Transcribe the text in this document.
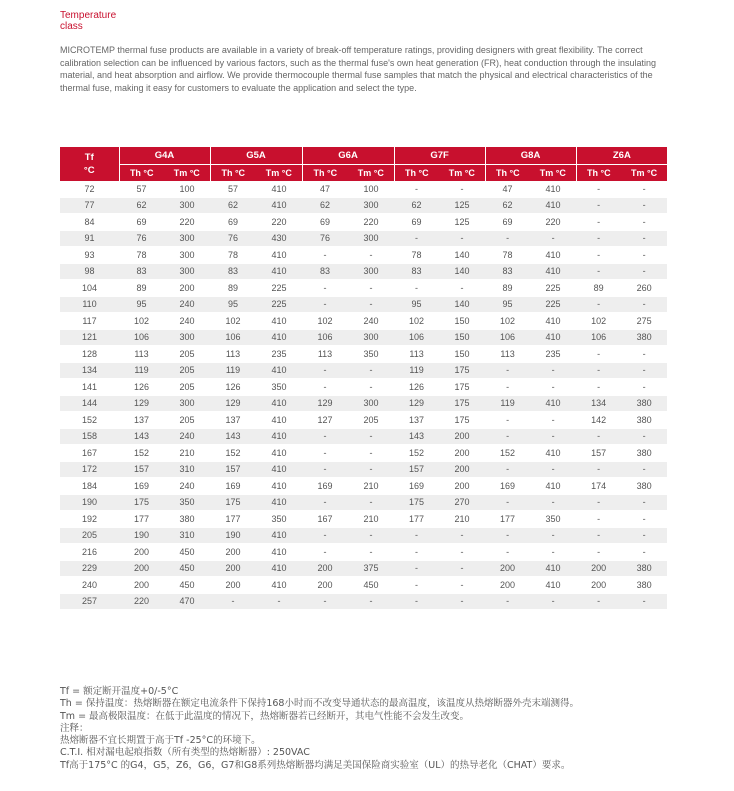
Temperature
class
MICROTEMP thermal fuse products are available in a variety of break-off temperature ratings, providing designers with great flexibility. The correct calibration selection can be influenced by various factors, such as the thermal fuse's own heat generation (FR), heat conduction through the insulating material, and heat absorption and airflow. We provide thermocouple thermal fuse samples that match the physical and electrical characteristics of the thermal fuse, making it easy for customers to evaluate the application and select the type.
Tf
°C	G4A		G5A		G6A		G7F		G8A		Z6A	
	Th °C	Tm °C	Th °C	Tm °C	Th °C	Tm °C	Th °C	Tm °C	Th °C	Tm °C	Th °C	Tm °C
72	57	100	57	410	47	100	-	-	47	410	-	-
77	62	300	62	410	62	300	62	125	62	410	-	-
84	69	220	69	220	69	220	69	125	69	220	-	-
91	76	300	76	430	76	300	-	-	-	-	-	-
93	78	300	78	410	-	-	78	140	78	410	-	-
98	83	300	83	410	83	300	83	140	83	410	-	-
104	89	200	89	225	-	-	-	-	89	225	89	260
110	95	240	95	225	-	-	95	140	95	225	-	-
117	102	240	102	410	102	240	102	150	102	410	102	275
121	106	300	106	410	106	300	106	150	106	410	106	380
128	113	205	113	235	113	350	113	150	113	235	-	-
134	119	205	119	410	-	-	119	175	-	-	-	-
141	126	205	126	350	-	-	126	175	-	-	-	-
144	129	300	129	410	129	300	129	175	119	410	134	380
152	137	205	137	410	127	205	137	175	-	-	142	380
158	143	240	143	410	-	-	143	200	-	-	-	-
167	152	210	152	410	-	-	152	200	152	410	157	380
172	157	310	157	410	-	-	157	200	-	-	-	-
184	169	240	169	410	169	210	169	200	169	410	174	380
190	175	350	175	410	-	-	175	270	-	-	-	-
192	177	380	177	350	167	210	177	210	177	350	-	-
205	190	310	190	410	-	-	-	-	-	-	-	-
216	200	450	200	410	-	-	-	-	-	-	-	-
229	200	450	200	410	200	375	-	-	200	410	200	380
240	200	450	200	410	200	450	-	-	200	410	200	380
257	220	470	-	-	-	-	-	-	-	-	-	-
Tf = 额定断开温度+0/-5°C
Th = 保持温度：热熔断器在额定电流条件下保持168小时而不改变导通状态的最高温度，该温度从热熔断器外壳末端测得。
Tm = 最高极限温度：在低于此温度的情况下，热熔断器若已经断开，其电气性能不会发生改变。
注释：
热熔断器不宜长期置于高于Tf -25°C的环境下。
C.T.I. 相对漏电起痕指数（所有类型的热熔断器）: 250VAC
Tf高于175°C 的G4，G5，Z6，G6，G7和G8系列热熔断器均满足美国保险商实验室（UL）的热导老化（CHAT）要求。
